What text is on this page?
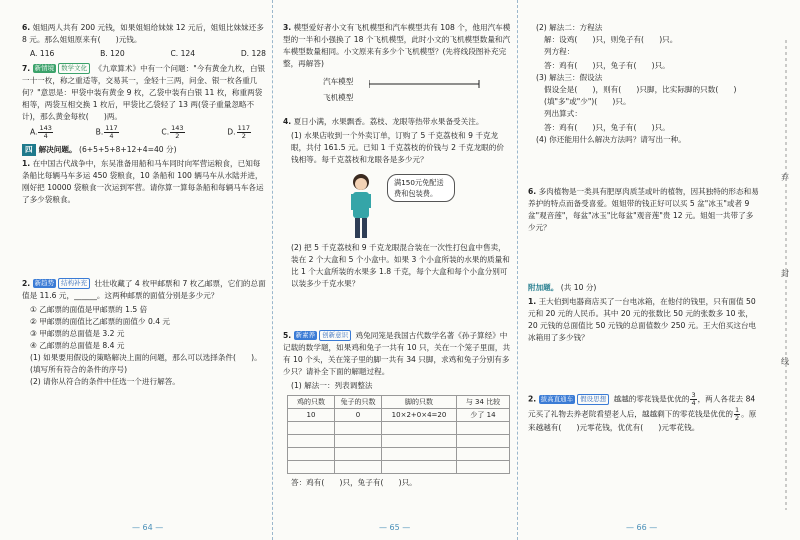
6. 姐姐两人共有 200 元钱，如果姐姐给妹妹 12 元后，姐姐比妹妹还多 8 元。那么姐姐原来有(　　)元钱。
A. 116	B. 120	C. 124	D. 128
7. 新情境 数学文化 《九章算术》中有一个问题："今有黄金九枚，白银一十一枚，称之重适等，交易其一，金轻十三两，问金、银一枚各重几何？"意思是：甲袋中装有黄金 9 枚，乙袋中装有白银 11 枚，称重两袋相等，两袋互相交换 1 枚后，甲袋比乙袋轻了 13 两(袋子重量忽略不计)，那么黄金每枚(　　)两。
A. $\frac{143}{4}$	B. $\frac{117}{4}$	C. $\frac{143}{2}$	D. $\frac{117}{2}$
四 解决问题。 (6+5+5+8+12+4=40 分)
1. 在中国古代战争中，东吴准备用船和马车同时向军营运粮食，已知每条船比每辆马车多运 450 袋粮食，10 条船和 100 辆马车从水陆并进，刚好把 10000 袋粮食一次运到军营。请你算一算每条船和每辆马车各运了多少袋粮食。
2. 新趋势 结构补充 壮壮收藏了 4 枚甲邮票和 7 枚乙邮票，它们的总面值是 11.6 元，______。这两种邮票的面值分别是多少元？
① 乙邮票的面值是甲邮票的 1.5 倍
② 甲邮票的面值比乙邮票的面值少 0.4 元
③ 甲邮票的总面值是 3.2 元
④ 乙邮票的总面值是 8.4 元
(1) 如果要用假设的策略解决上面的问题，那么可以选择条件(　　)。(填写所有符合的条件的序号)
(2) 请你从符合的条件中任选一个进行解答。
— 64 —
3. 模型爱好者小文有飞机模型和汽车模型共有 108 个，他用汽车模型的一半和小强换了 18 个飞机模型，此时小文的飞机模型数量和汽车模型数量相同。小文原来有多少个飞机模型？(先将线段图补充完整，再解答)
汽车模型
飞机模型
4. 夏日小满，水果飘香。荔枝、龙眼等热带水果备受关注。
(1) 水果店收到一个外卖订单，订购了 5 千克荔枝和 9 千克龙眼，共付 161.5 元。已知 1 千克荔枝的价钱与 2 千克龙眼的价钱相等。每千克荔枝和龙眼各是多少元？
满150元免配送费和包装费。
(2) 把 5 千克荔枝和 9 千克龙眼混合装在一次性打包盒中售卖，装在 2 个大盒和 5 个小盒中。如果 3 个小盒所装的水果的质量和比 1 个大盒所装的水果多 1.8 千克，每个大盒和每个小盒分别可以装多少千克水果？
5. 新素养 创新意识 鸡兔同笼是我国古代数学名著《孙子算经》中记载的数学题，如果鸡和兔子一共有 10 只，关在一个笼子里面，共有 10 个头，关在笼子里的脚一共有 34 只脚，求鸡和兔子分别有多少只？请补全下面的解题过程。
(1) 解法一：列表调整法
鸡的只数	兔子的只数	脚的只数	与 34 比较
10	0	10×2+0×4=20	少了 14

答：鸡有(　　)只，兔子有(　　)只。
— 65 —
(2) 解法二：方程法
解：设鸡(　　)只，则兔子有(　　)只。
列方程：
答：鸡有(　　)只，兔子有(　　)只。
(3) 解法三：假设法
假设全是(　　)，则有(　　)只脚，比实际脚的只数(　　)(填"多"或"少")(　　)只。
列出算式：
答：鸡有(　　)只，兔子有(　　)只。
(4) 你还能用什么解决方法吗？请写出一种。
6. 多肉植物是一类具有肥厚肉质茎或叶的植物，因其独特的形态和易养护的特点而备受喜爱。姐姐带的钱正好可以买 5 盆"冰玉"或者 9 盆"观音莲"，每盆"冰玉"比每盆"观音莲"贵 12 元。姐姐一共带了多少元？
附加题。 (共 10 分)
1. 王大伯到电器商店买了一台电冰箱，在他付的钱里，只有面值 50 元和 20 元的人民币。其中 20 元的张数比 50 元的张数多 10 张，20 元钱的总面值比 50 元钱的总面值数少 250 元。王大伯买这台电冰箱用了多少钱？
2. 拔高直通车 假设思想 越越的零花钱是优优的 $\frac{3}{4}$ ，两人各花去 84 元买了礼物去养老院看望老人后，越越剩下的零花钱是优优的 $\frac{1}{2}$ 。原来越越有(　　)元零花钱，优优有(　　)元零花钱。
— 66 —
弃
封
线
